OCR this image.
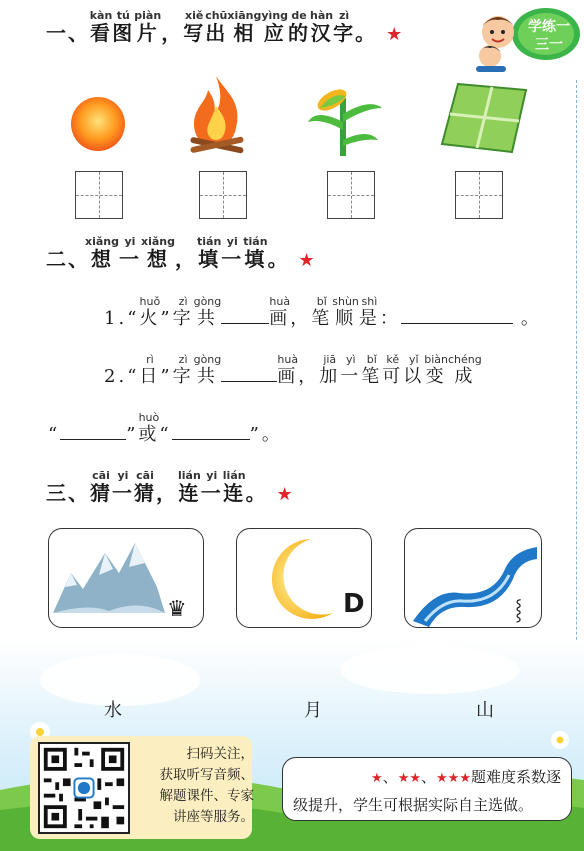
学练一三一
一、看kàn图tú片piàn， 写xiě出chū相xiāng应yìng的de汉hàn字zì。 ★
二、想xiǎng一yi想xiǎng， 填tián一yi填tián。 ★
1.“ 火huǒ” 字zì共gòng画huà， 笔bǐ顺shùn是shì：	。
2.“ 日rì” 字zì共gòng画huà， 加jiā一yì笔bǐ可kě以yǐ变biàn成chéng
“	”或huò“	”。
三、猜cāi一yi猜cāi， 连lián一yi连lián。 ★
♛	D	⸾
水	月	山
扫码关注，
获取听写音频、
解题课件、专家
讲座等服务。
★、★★、★★★题难度系数逐
级提升，学生可根据实际自主选做。
